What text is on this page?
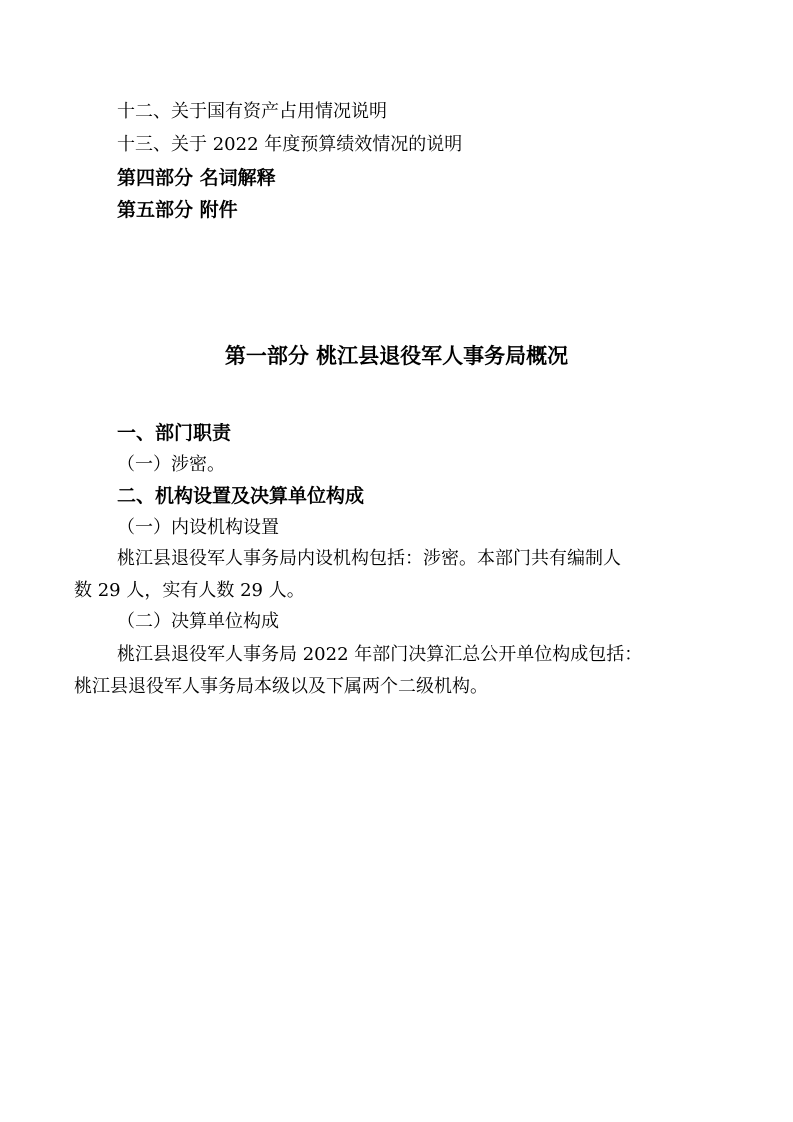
十二、关于国有资产占用情况说明
十三、关于 2022 年度预算绩效情况的说明
第四部分 名词解释
第五部分 附件
第一部分 桃江县退役军人事务局概况
一、部门职责
（一）涉密。
二、机构设置及决算单位构成
（一）内设机构设置
桃江县退役军人事务局内设机构包括：涉密。本部门共有编制人
数 29 人，实有人数 29 人。
（二）决算单位构成
桃江县退役军人事务局 2022 年部门决算汇总公开单位构成包括：
桃江县退役军人事务局本级以及下属两个二级机构。
